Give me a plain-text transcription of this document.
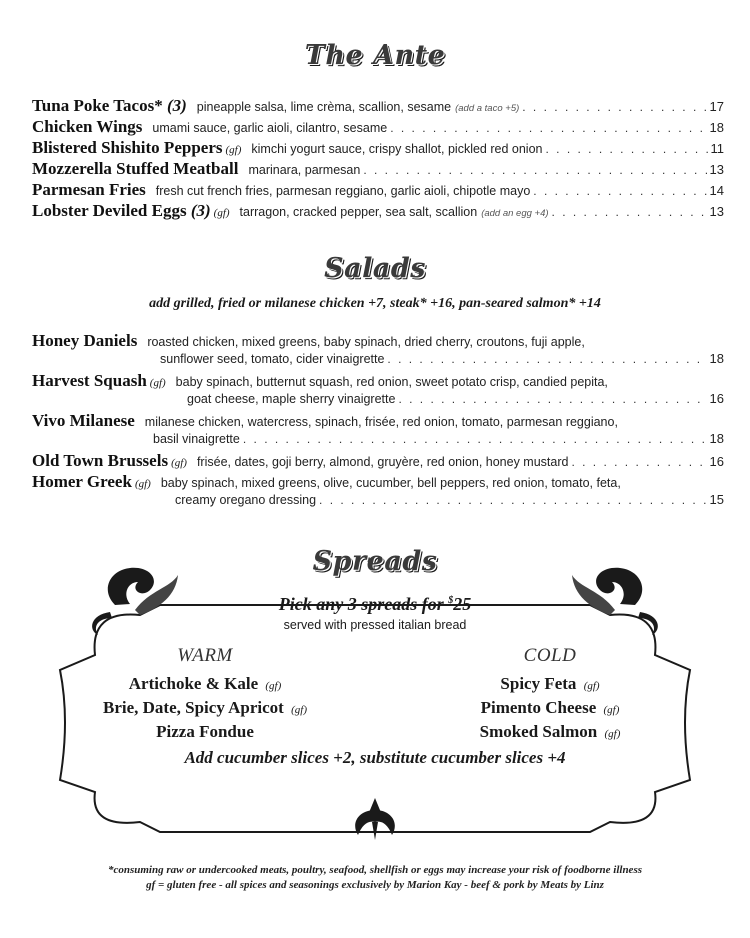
The Ante
Tuna Poke Tacos* (3) pineapple salsa, lime crèma, scallion, sesame (add a taco +5) . . .	17
Chicken Wings umami sauce, garlic aioli, cilantro, sesame . . .	18
Blistered Shishito Peppers (gf) kimchi yogurt sauce, crispy shallot, pickled red onion . . .	11
Mozzerella Stuffed Meatball marinara, parmesan . . .	13
Parmesan Fries fresh cut french fries, parmesan reggiano, garlic aioli, chipotle mayo . . .	14
Lobster Deviled Eggs (3) (gf) tarragon, cracked pepper, sea salt, scallion (add an egg +4) . . .	13
Salads
add grilled, fried or milanese chicken +7, steak* +16, pan-seared salmon* +14
Honey Daniels roasted chicken, mixed greens, baby spinach, dried cherry, croutons, fuji apple,
sunflower seed, tomato, cider vinaigrette . . .	18
Harvest Squash (gf) baby spinach, butternut squash, red onion, sweet potato crisp, candied pepita,
goat cheese, maple sherry vinaigrette . . .	16
Vivo Milanese milanese chicken, watercress, spinach, frisée, red onion, tomato, parmesan reggiano,
basil vinaigrette . . .	18
Old Town Brussels (gf) frisée, dates, goji berry, almond, gruyère, red onion, honey mustard . . .	16
Homer Greek (gf) baby spinach, mixed greens, olive, cucumber, bell peppers, red onion, tomato, feta,
creamy oregano dressing . . .	15
Spreads
Pick any 3 spreads for $25
served with pressed italian bread
WARM
Artichoke & Kale (gf)
Brie, Date, Spicy Apricot (gf)
Pizza Fondue
COLD
Spicy Feta (gf)
Pimento Cheese (gf)
Smoked Salmon (gf)
Add cucumber slices +2, substitute cucumber slices +4
*consuming raw or undercooked meats, poultry, seafood, shellfish or eggs may increase your risk of foodborne illness
gf = gluten free - all spices and seasonings exclusively by Marion Kay - beef & pork by Meats by Linz
